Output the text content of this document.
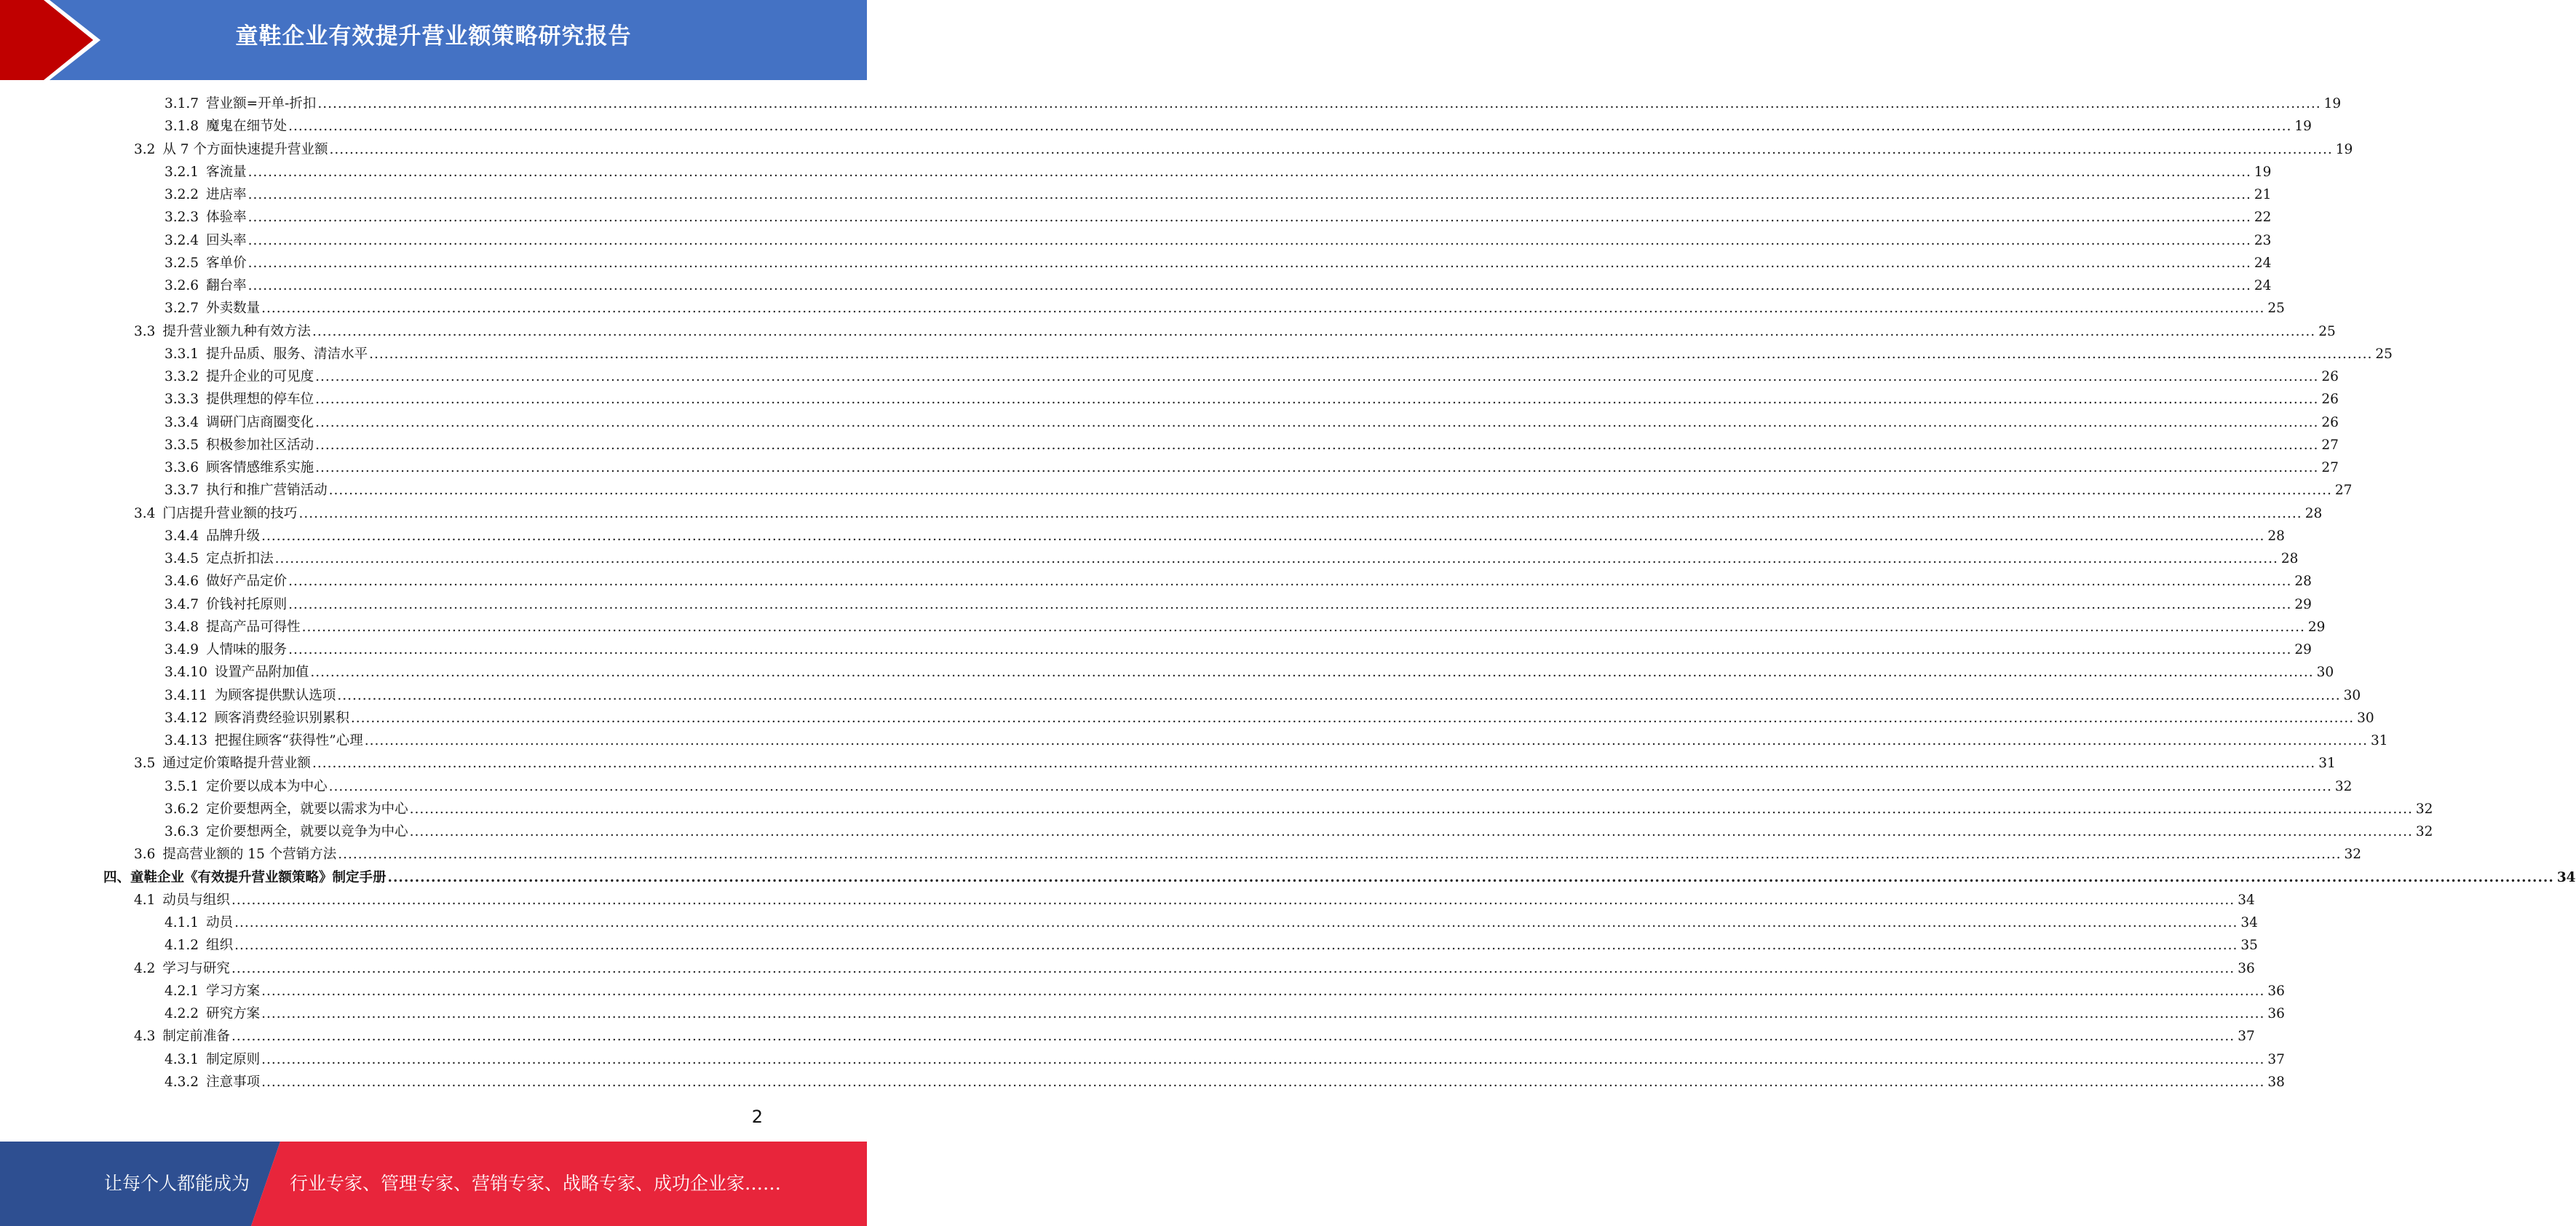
童鞋企业有效提升营业额策略研究报告
3.1.7 营业额=开单-折扣 ................................................................................................................................................................................................................................................................................................................................................................................................................ 19
3.1.8 魔鬼在细节处 ................................................................................................................................................................................................................................................................................................................................................................................................................ 19
3.2 从 7 个方面快速提升营业额 ................................................................................................................................................................................................................................................................................................................................................................................................................ 19
3.2.1 客流量 ................................................................................................................................................................................................................................................................................................................................................................................................................ 19
3.2.2 进店率 ................................................................................................................................................................................................................................................................................................................................................................................................................ 21
3.2.3 体验率 ................................................................................................................................................................................................................................................................................................................................................................................................................ 22
3.2.4 回头率 ................................................................................................................................................................................................................................................................................................................................................................................................................ 23
3.2.5 客单价 ................................................................................................................................................................................................................................................................................................................................................................................................................ 24
3.2.6 翻台率 ................................................................................................................................................................................................................................................................................................................................................................................................................ 24
3.2.7 外卖数量 ................................................................................................................................................................................................................................................................................................................................................................................................................ 25
3.3 提升营业额九种有效方法 ................................................................................................................................................................................................................................................................................................................................................................................................................ 25
3.3.1 提升品质、服务、清洁水平 ................................................................................................................................................................................................................................................................................................................................................................................................................ 25
3.3.2 提升企业的可见度 ................................................................................................................................................................................................................................................................................................................................................................................................................ 26
3.3.3 提供理想的停车位 ................................................................................................................................................................................................................................................................................................................................................................................................................ 26
3.3.4 调研门店商圈变化 ................................................................................................................................................................................................................................................................................................................................................................................................................ 26
3.3.5 积极参加社区活动 ................................................................................................................................................................................................................................................................................................................................................................................................................ 27
3.3.6 顾客情感维系实施 ................................................................................................................................................................................................................................................................................................................................................................................................................ 27
3.3.7 执行和推广营销活动 ................................................................................................................................................................................................................................................................................................................................................................................................................ 27
3.4 门店提升营业额的技巧 ................................................................................................................................................................................................................................................................................................................................................................................................................ 28
3.4.4 品牌升级 ................................................................................................................................................................................................................................................................................................................................................................................................................ 28
3.4.5 定点折扣法 ................................................................................................................................................................................................................................................................................................................................................................................................................ 28
3.4.6 做好产品定价 ................................................................................................................................................................................................................................................................................................................................................................................................................ 28
3.4.7 价钱衬托原则 ................................................................................................................................................................................................................................................................................................................................................................................................................ 29
3.4.8 提高产品可得性 ................................................................................................................................................................................................................................................................................................................................................................................................................ 29
3.4.9 人情味的服务 ................................................................................................................................................................................................................................................................................................................................................................................................................ 29
3.4.10 设置产品附加值 ................................................................................................................................................................................................................................................................................................................................................................................................................ 30
3.4.11 为顾客提供默认选项 ................................................................................................................................................................................................................................................................................................................................................................................................................ 30
3.4.12 顾客消费经验识别累积 ................................................................................................................................................................................................................................................................................................................................................................................................................ 30
3.4.13 把握住顾客“获得性”心理 ................................................................................................................................................................................................................................................................................................................................................................................................................ 31
3.5 通过定价策略提升营业额 ................................................................................................................................................................................................................................................................................................................................................................................................................ 31
3.5.1 定价要以成本为中心 ................................................................................................................................................................................................................................................................................................................................................................................................................ 32
3.6.2 定价要想两全，就要以需求为中心 ................................................................................................................................................................................................................................................................................................................................................................................................................ 32
3.6.3 定价要想两全，就要以竞争为中心 ................................................................................................................................................................................................................................................................................................................................................................................................................ 32
3.6 提高营业额的 15 个营销方法 ................................................................................................................................................................................................................................................................................................................................................................................................................ 32
四、 童鞋企业《有效提升营业额策略》制定手册 ................................................................................................................................................................................................................................................................................................................................................................................................................ 34
4.1 动员与组织 ................................................................................................................................................................................................................................................................................................................................................................................................................ 34
4.1.1 动员 ................................................................................................................................................................................................................................................................................................................................................................................................................ 34
4.1.2 组织 ................................................................................................................................................................................................................................................................................................................................................................................................................ 35
4.2 学习与研究 ................................................................................................................................................................................................................................................................................................................................................................................................................ 36
4.2.1 学习方案 ................................................................................................................................................................................................................................................................................................................................................................................................................ 36
4.2.2 研究方案 ................................................................................................................................................................................................................................................................................................................................................................................................................ 36
4.3 制定前准备 ................................................................................................................................................................................................................................................................................................................................................................................................................ 37
4.3.1 制定原则 ................................................................................................................................................................................................................................................................................................................................................................................................................ 37
4.3.2 注意事项 ................................................................................................................................................................................................................................................................................................................................................................................................................ 38
2
让每个人都能成为 行业专家、管理专家、营销专家、战略专家、成功企业家……
